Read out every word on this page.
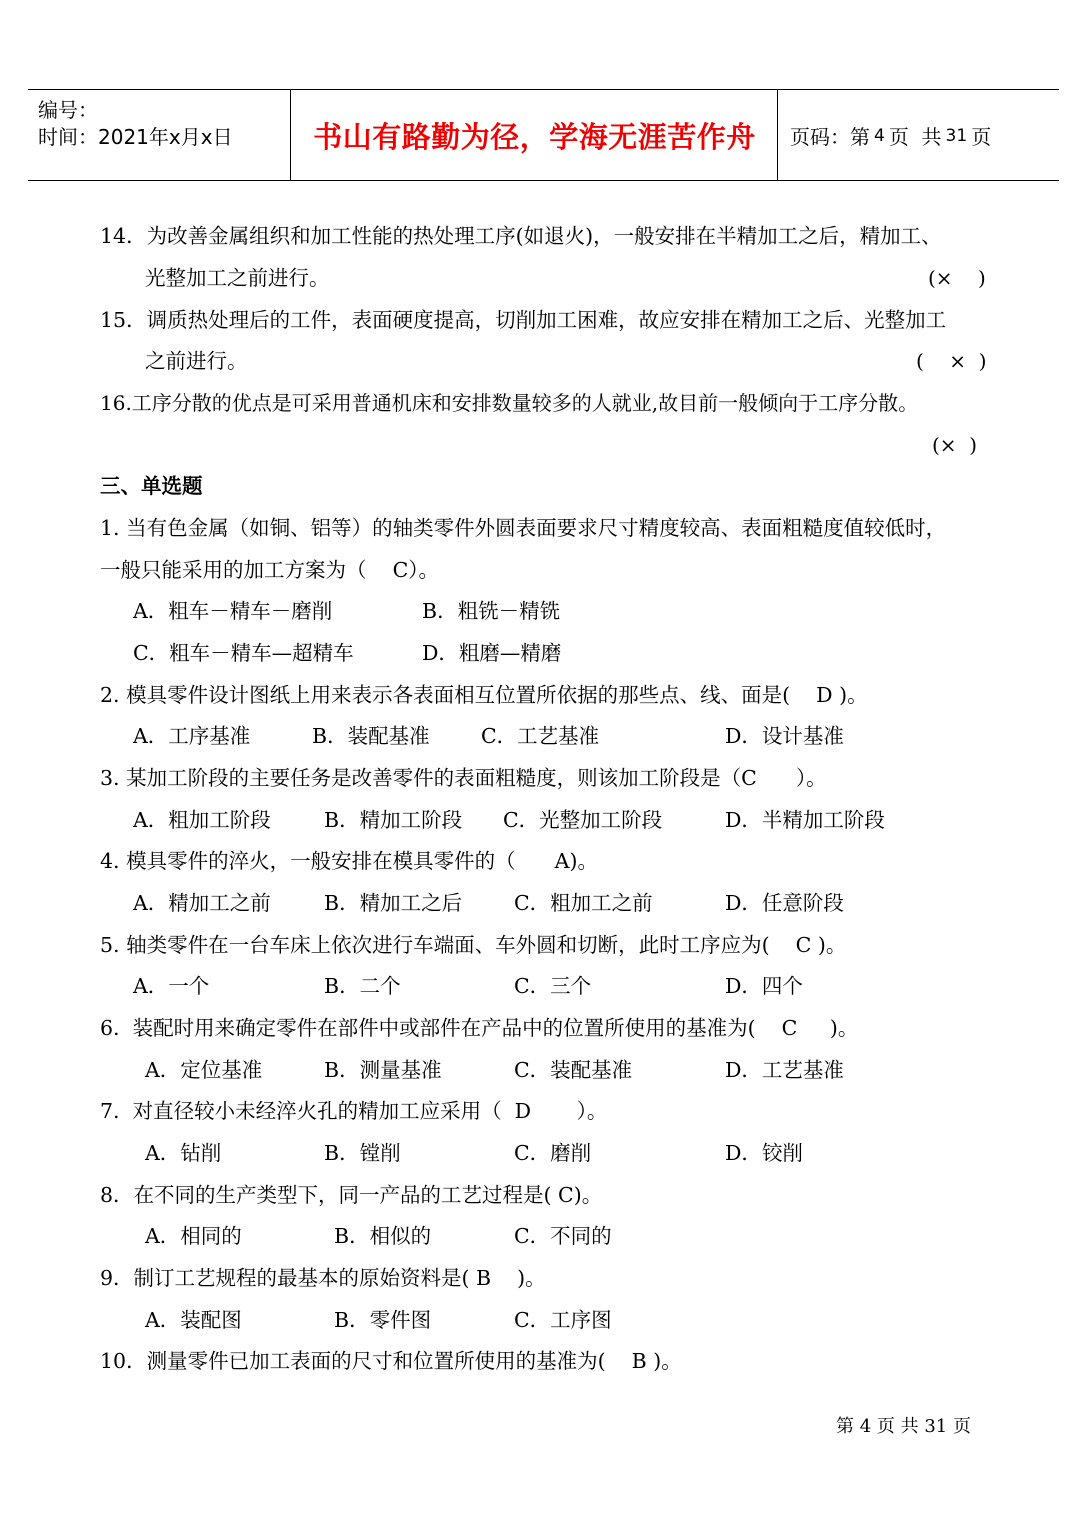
编号：
时间：2021年x月x日	书山有路勤为径，学海无涯苦作舟	页码：第 4 页  共 31 页
14．为改善金属组织和加工性能的热处理工序(如退火)，一般安排在半精加工之后，精加工、
光整加工之前进行。	(×    )
15．调质热处理后的工件，表面硬度提高，切削加工困难，故应安排在精加工之后、光整加工
之前进行。	(    ×  )
16.工序分散的优点是可采用普通机床和安排数量较多的人就业,故目前一般倾向于工序分散。
(×  )
三、单选题
1. 当有色金属（如铜、铝等）的轴类零件外圆表面要求尺寸精度较高、表面粗糙度值较低时，
一般只能采用的加工方案为（    C）。
A．粗车－精车－磨削	B．粗铣－精铣
C．粗车－精车—超精车	D．粗磨—精磨
2. 模具零件设计图纸上用来表示各表面相互位置所依据的那些点、线、面是(    D )。
A．工序基准	B．装配基准	C．工艺基准	D．设计基准
3. 某加工阶段的主要任务是改善零件的表面粗糙度，则该加工阶段是（C      ）。
A．粗加工阶段	B．精加工阶段 C．光整加工阶段	D．半精加工阶段
4. 模具零件的淬火，一般安排在模具零件的（      A)。
A．精加工之前	B．精加工之后	C．粗加工之前	D．任意阶段
5. 轴类零件在一台车床上依次进行车端面、车外圆和切断，此时工序应为(    C )。
A．一个	B．二个	C．三个	D．四个
6.  装配时用来确定零件在部件中或部件在产品中的位置所使用的基准为(    C     )。
A．定位基准	B．测量基准	C．装配基准	D．工艺基准
7.  对直径较小未经淬火孔的精加工应采用（  D       ）。
A．钻削	B．镗削	C．磨削	D．铰削
8．在不同的生产类型下，同一产品的工艺过程是( C)。
A．相同的	B．相似的	C．不同的
9．制订工艺规程的最基本的原始资料是( B    )。
A．装配图	B．零件图	C．工序图
10．测量零件已加工表面的尺寸和位置所使用的基准为(    B )。
第 4 页 共 31 页
